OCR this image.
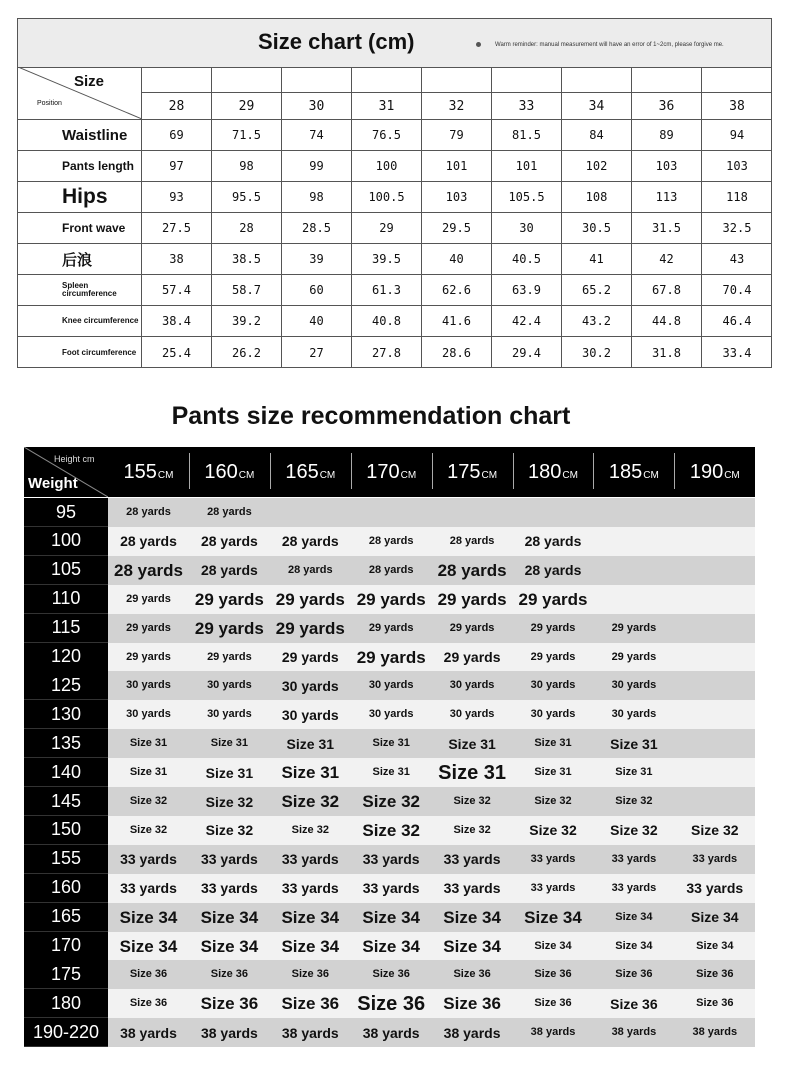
Size chart (cm)	Warm reminder: manual measurement will have an error of 1~2cm, please forgive me.
Size
Position	28	29	30	31	32	33	34	36	38
Waistline	69	71.5	74	76.5	79	81.5	84	89	94
Pants length	97	98	99	100	101	101	102	103	103
Hips	93	95.5	98	100.5	103	105.5	108	113	118
Front wave	27.5	28	28.5	29	29.5	30	30.5	31.5	32.5
后浪	38	38.5	39	39.5	40	40.5	41	42	43
Spleen circumference	57.4	58.7	60	61.3	62.6	63.9	65.2	67.8	70.4
Knee circumference	38.4	39.2	40	40.8	41.6	42.4	43.2	44.8	46.4
Foot circumference	25.4	26.2	27	27.8	28.6	29.4	30.2	31.8	33.4
Pants size recommendation chart
Height cm
Weight
155 CM 160 CM 165 CM 170 CM 175 CM 180 CM 185 CM 190 CM
95	28 yards	28 yards
100	28 yards	28 yards	28 yards	28 yards	28 yards	28 yards
105	28 yards	28 yards	28 yards	28 yards	28 yards	28 yards
110	29 yards	29 yards 29 yards 29 yards 29 yards 29 yards
115	29 yards	29 yards 29 yards	29 yards	29 yards	29 yards	29 yards
120	29 yards	29 yards	29 yards	29 yards	29 yards	29 yards	29 yards
125	30 yards	30 yards	30 yards	30 yards	30 yards	30 yards	30 yards
130	30 yards	30 yards	30 yards	30 yards	30 yards	30 yards	30 yards
135	Size 31	Size 31	Size 31	Size 31	Size 31	Size 31	Size 31
140	Size 31	Size 31	Size 31	Size 31	Size 31	Size 31	Size 31
145	Size 32	Size 32	Size 32	Size 32	Size 32	Size 32	Size 32
150	Size 32	Size 32	Size 32	Size 32	Size 32	Size 32	Size 32	Size 32
155	33 yards	33 yards	33 yards	33 yards	33 yards	33 yards	33 yards	33 yards
160	33 yards	33 yards	33 yards	33 yards	33 yards	33 yards	33 yards	33 yards
165	Size 34	Size 34	Size 34	Size 34	Size 34	Size 34	Size 34	Size 34
170	Size 34	Size 34	Size 34	Size 34	Size 34	Size 34	Size 34	Size 34
175	Size 36	Size 36	Size 36	Size 36	Size 36	Size 36	Size 36	Size 36
180	Size 36	Size 36	Size 36 Size 36	Size 36	Size 36	Size 36	Size 36
190-220	38 yards	38 yards	38 yards	38 yards	38 yards	38 yards	38 yards	38 yards
